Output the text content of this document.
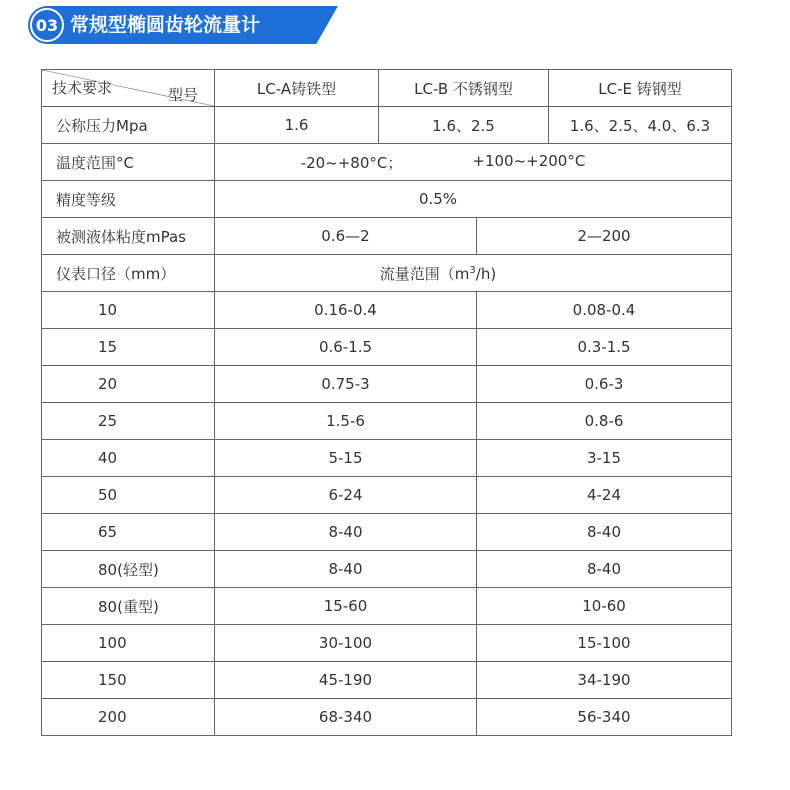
03 常规型椭圆齿轮流量计
型号
技术要求	LC-A铸铁型	LC-B 不锈钢型		LC-E 铸钢型
公称压力Mpa	1.6	1.6、2.5		1.6、2.5、4.0、6.3
温度范围°C	-20~+80°C； +100~+200°C			

精度等级	0.5%			
被测液体粘度mPas	0.6—2		2—200	
仪表口径（mm）	流量范围$(m^3/h)$			
10	0.16-0.4		0.08-0.4	
15	0.6-1.5		0.3-1.5	
20	0.75-3		0.6-3	
25	1.5-6		0.8-6	
40	5-15		3-15	
50	6-24		4-24	
65	8-40		8-40	
80(轻型)	8-40		8-40	
80(重型)	15-60		10-60	
100	30-100		15-100	
150	45-190		34-190	
200	68-340		56-340	
